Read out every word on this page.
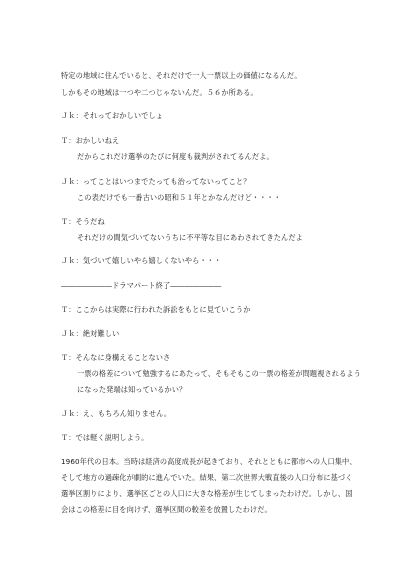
特定の地域に住んでいると、それだけで一人一票以上の価値になるんだ。
しかもその地域は一つや二つじゃないんだ。５６か所ある。
Ｊｋ：それっておかしいでしょ
Ｔ：おかしいねえ
だからこれだけ選挙のたびに何度も裁判がされてるんだよ。
Ｊｋ：ってことはいつまでたっても治ってないってこと？
この表だけでも一番古いの昭和５１年とかなんだけど・・・・
Ｔ：そうだね
それだけの間気づいてないうちに不平等な目にあわされてきたんだよ
Ｊｋ：気づいて嬉しいやら嬉しくないやら・・・
―――――――ドラマパート終了―――――――
Ｔ：ここからは実際に行われた訴訟をもとに見ていこうか
Ｊｋ：絶対難しい
Ｔ：そんなに身構えることないさ
一票の格差について勉強するにあたって、そもそもこの一票の格差が問題視されるよう
になった発端は知っているかい？
Ｊｋ：え、もちろん知りません。
Ｔ：では軽く説明しよう。
1960年代の日本。当時は経済の高度成長が起きており、それとともに都市への人口集中、
そして地方の過疎化が劇的に進んでいた。結果、第二次世界大戦直後の人口分布に基づく
選挙区割りにより、選挙区ごとの人口に大きな格差が生じてしまったわけだ。しかし、国
会はこの格差に目を向けず、選挙区間の較差を放置したわけだ。
